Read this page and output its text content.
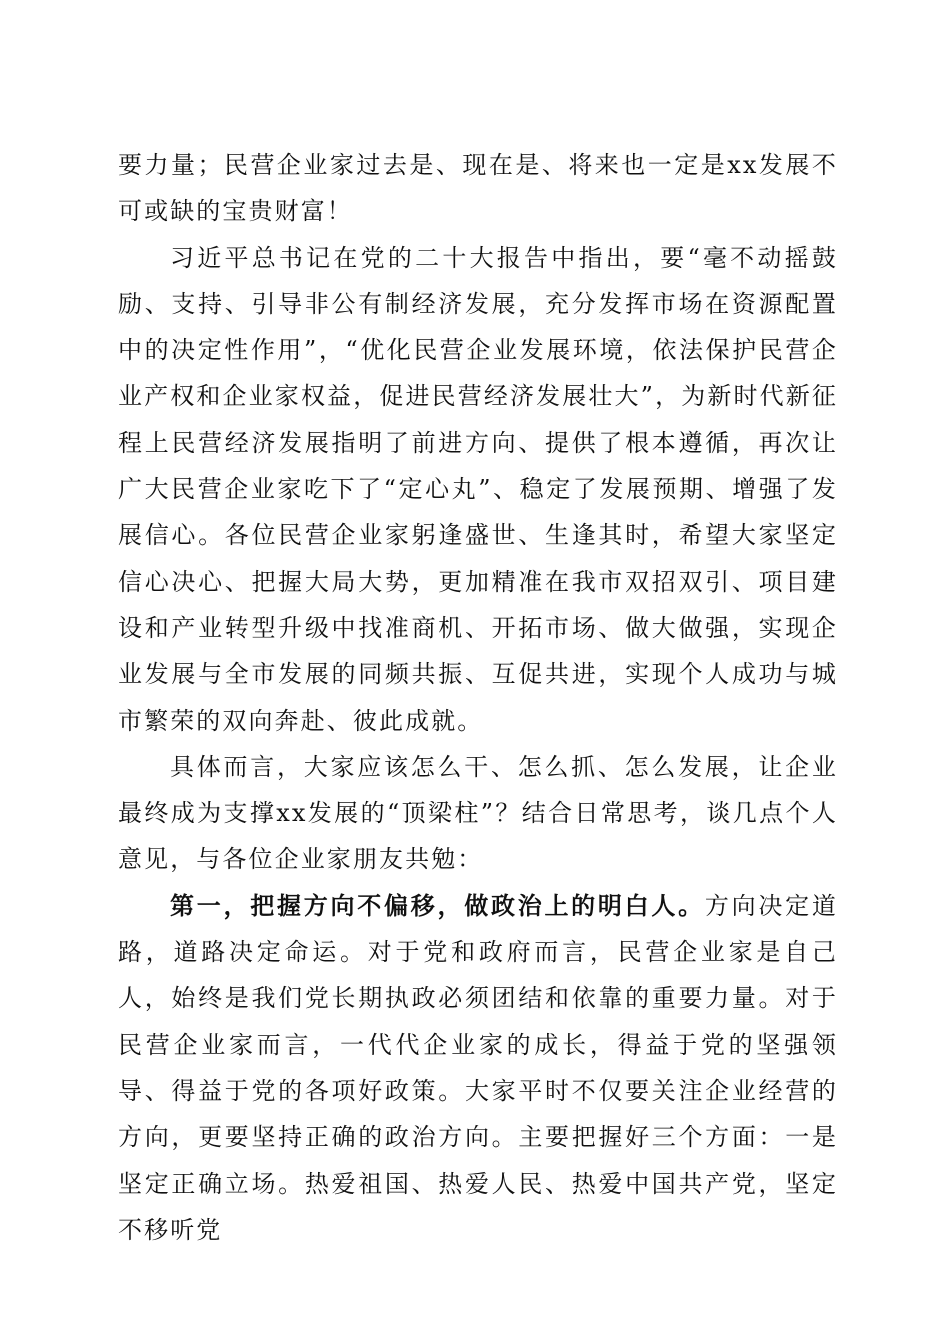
要力量；民营企业家过去是、现在是、将来也一定是xx发展不可或缺的宝贵财富！

习近平总书记在党的二十大报告中指出，要“毫不动摇鼓励、支持、引导非公有制经济发展，充分发挥市场在资源配置中的决定性作用”，“优化民营企业发展环境，依法保护民营企业产权和企业家权益，促进民营经济发展壮大”，为新时代新征程上民营经济发展指明了前进方向、提供了根本遵循，再次让广大民营企业家吃下了“定心丸”、稳定了发展预期、增强了发展信心。各位民营企业家躬逢盛世、生逢其时，希望大家坚定信心决心、把握大局大势，更加精准在我市双招双引、项目建设和产业转型升级中找准商机、开拓市场、做大做强，实现企业发展与全市发展的同频共振、互促共进，实现个人成功与城市繁荣的双向奔赴、彼此成就。

具体而言，大家应该怎么干、怎么抓、怎么发展，让企业最终成为支撑xx发展的“顶梁柱”？结合日常思考，谈几点个人意见，与各位企业家朋友共勉：

第一，把握方向不偏移，做政治上的明白人。方向决定道路，道路决定命运。对于党和政府而言，民营企业家是自己人，始终是我们党长期执政必须团结和依靠的重要力量。对于民营企业家而言，一代代企业家的成长，得益于党的坚强领导、得益于党的各项好政策。大家平时不仅要关注企业经营的方向，更要坚持正确的政治方向。主要把握好三个方面：一是坚定正确立场。热爱祖国、热爱人民、热爱中国共产党，坚定不移听党
